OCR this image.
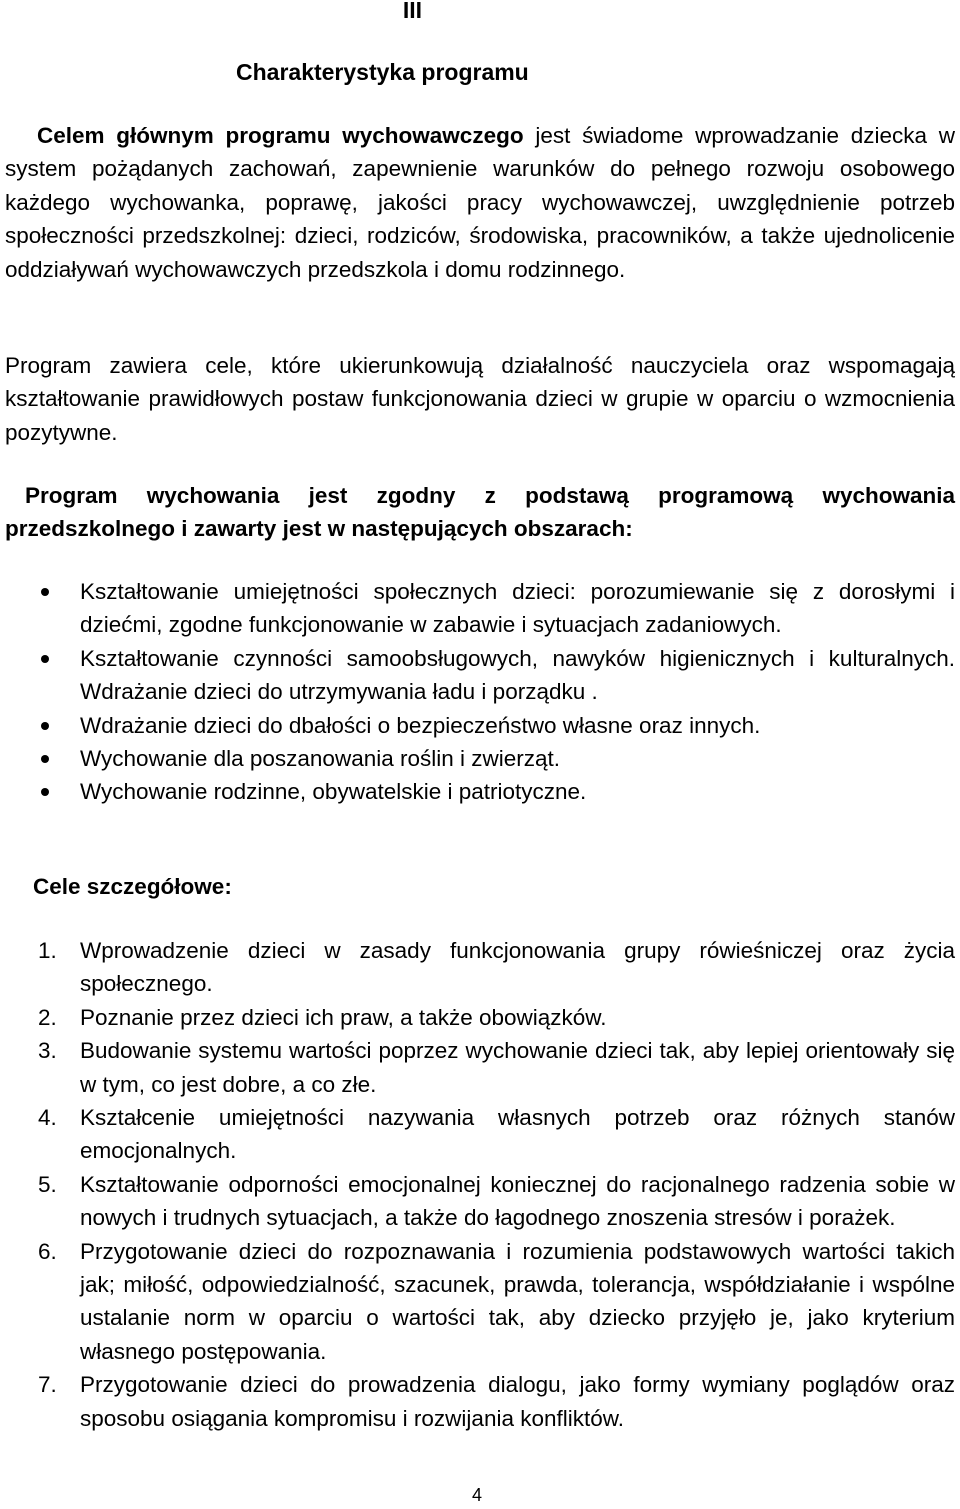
III
Charakterystyka programu

Celem głównym programu wychowawczego jest świadome wprowadzanie dziecka w system pożądanych zachowań, zapewnienie warunków do pełnego rozwoju osobowego każdego wychowanka, poprawę, jakości pracy wychowawczej, uwzględnienie potrzeb społeczności przedszkolnej: dzieci, rodziców, środowiska, pracowników, a także ujednolicenie oddziaływań wychowawczych przedszkola i domu rodzinnego.

Program zawiera cele, które ukierunkowują działalność nauczyciela oraz wspomagają kształtowanie prawidłowych postaw funkcjonowania dzieci w grupie w oparciu o wzmocnienia pozytywne.

Program wychowania jest zgodny z podstawą programową wychowania przedszkolnego i zawarty jest w następujących obszarach:

Kształtowanie umiejętności społecznych dzieci: porozumiewanie się z dorosłymi i dziećmi, zgodne funkcjonowanie w zabawie i sytuacjach zadaniowych.
Kształtowanie czynności samoobsługowych, nawyków higienicznych i kulturalnych. Wdrażanie dzieci do utrzymywania ładu i porządku .
Wdrażanie dzieci do dbałości o bezpieczeństwo własne oraz innych.
Wychowanie dla poszanowania roślin i zwierząt.
Wychowanie rodzinne, obywatelskie i patriotyczne.
Cele szczegółowe:
1. Wprowadzenie dzieci w zasady funkcjonowania grupy rówieśniczej oraz życia społecznego.
2. Poznanie przez dzieci ich praw, a także obowiązków.
3. Budowanie systemu wartości poprzez wychowanie dzieci tak, aby lepiej orientowały się w tym, co jest dobre, a co złe.
4. Kształcenie umiejętności nazywania własnych potrzeb oraz różnych stanów emocjonalnych.
5. Kształtowanie odporności emocjonalnej koniecznej do racjonalnego radzenia sobie w nowych i trudnych sytuacjach, a także do łagodnego znoszenia stresów i porażek.
6. Przygotowanie dzieci do rozpoznawania i rozumienia podstawowych wartości takich jak; miłość, odpowiedzialność, szacunek, prawda, tolerancja, współdziałanie i wspólne ustalanie norm w oparciu o wartości tak, aby dziecko przyjęło je, jako kryterium własnego postępowania.
7. Przygotowanie dzieci do prowadzenia dialogu, jako formy wymiany poglądów oraz sposobu osiągania kompromisu i rozwijania konfliktów.
4
